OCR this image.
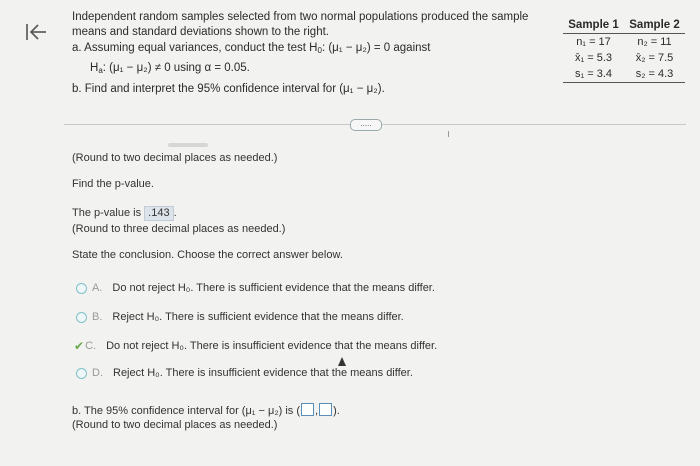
Independent random samples selected from two normal populations produced the sample
means and standard deviations shown to the right.
a. Assuming equal variances, conduct the test $H_0$: (μ₁ − μ₂) = 0 against
$H_a$: (μ₁ − μ₂) ≠ 0 using α = 0.05.
b. Find and interpret the 95% confidence interval for (μ₁ − μ₂).
Sample 1	Sample 2
n₁ = 17	n₂ = 11
x̄₁ = 5.3	x̄₂ = 7.5
s₁ = 3.4	s₂ = 4.3
.....
(Round to two decimal places as needed.)
Find the p-value.
The p-value is .143 .
(Round to three decimal places as needed.)
State the conclusion. Choose the correct answer below.
A. Do not reject H₀. There is sufficient evidence that the means differ.
B. Reject H₀. There is sufficient evidence that the means differ.
✔ C. Do not reject H₀. There is insufficient evidence that the means differ.
D. Reject H₀. There is insufficient evidence that the means differ.
b. The 95% confidence interval for (μ₁ − μ₂) is ( , ).
(Round to two decimal places as needed.)
